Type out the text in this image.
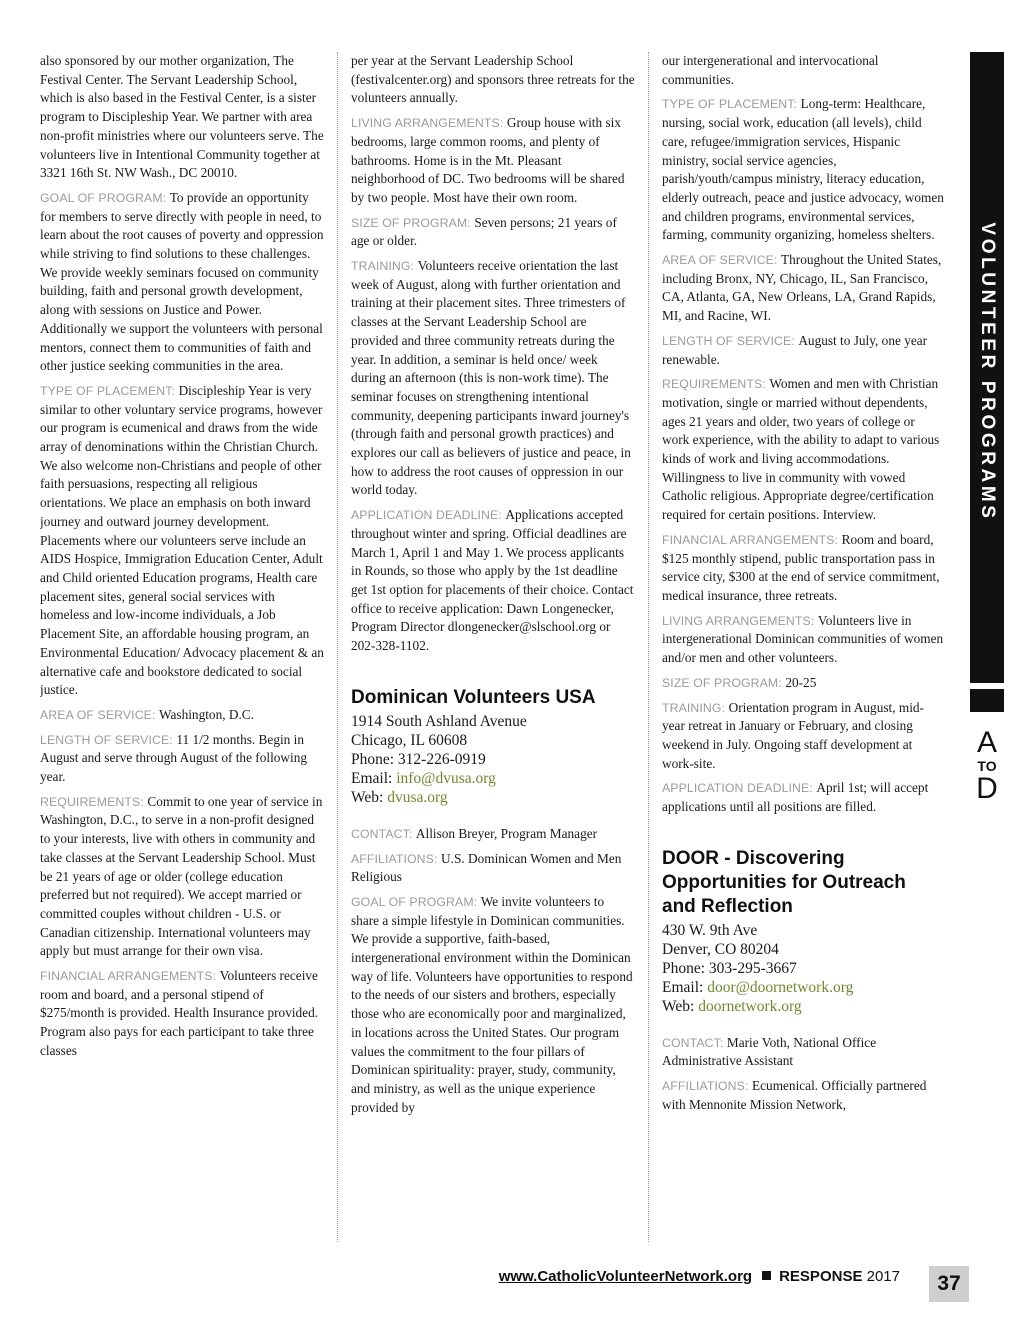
also sponsored by our mother organization, The Festival Center. The Servant Leadership School, which is also based in the Festival Center, is a sister program to Discipleship Year. We partner with area non-profit ministries where our volunteers serve. The volunteers live in Intentional Community together at 3321 16th St. NW Wash., DC 20010.

GOAL OF PROGRAM: To provide an opportunity for members to serve directly with people in need, to learn about the root causes of poverty and oppression while striving to find solutions to these challenges. We provide weekly seminars focused on community building, faith and personal growth development, along with sessions on Justice and Power. Additionally we support the volunteers with personal mentors, connect them to communities of faith and other justice seeking communities in the area.

TYPE OF PLACEMENT: Discipleship Year is very similar to other voluntary service programs, however our program is ecumenical and draws from the wide array of denominations within the Christian Church. We also welcome non-Christians and people of other faith persuasions, respecting all religious orientations. We place an emphasis on both inward journey and outward journey development. Placements where our volunteers serve include an AIDS Hospice, Immigration Education Center, Adult and Child oriented Education programs, Health care placement sites, general social services with homeless and low-income individuals, a Job Placement Site, an affordable housing program, an Environmental Education/ Advocacy placement & an alternative cafe and bookstore dedicated to social justice.

AREA OF SERVICE: Washington, D.C.

LENGTH OF SERVICE: 11 1/2 months. Begin in August and serve through August of the following year.

REQUIREMENTS: Commit to one year of service in Washington, D.C., to serve in a non-profit designed to your interests, live with others in community and take classes at the Servant Leadership School. Must be 21 years of age or older (college education preferred but not required). We accept married or committed couples without children - U.S. or Canadian citizenship. International volunteers may apply but must arrange for their own visa.

FINANCIAL ARRANGEMENTS: Volunteers receive room and board, and a personal stipend of $275/month is provided. Health Insurance provided. Program also pays for each participant to take three classes

per year at the Servant Leadership School (festivalcenter.org) and sponsors three retreats for the volunteers annually.

LIVING ARRANGEMENTS: Group house with six bedrooms, large common rooms, and plenty of bathrooms. Home is in the Mt. Pleasant neighborhood of DC. Two bedrooms will be shared by two people. Most have their own room.

SIZE OF PROGRAM: Seven persons; 21 years of age or older.

TRAINING: Volunteers receive orientation the last week of August, along with further orientation and training at their placement sites. Three trimesters of classes at the Servant Leadership School are provided and three community retreats during the year. In addition, a seminar is held once/ week during an afternoon (this is non-work time). The seminar focuses on strengthening intentional community, deepening participants inward journey's (through faith and personal growth practices) and explores our call as believers of justice and peace, in how to address the root causes of oppression in our world today.

APPLICATION DEADLINE: Applications accepted throughout winter and spring. Official deadlines are March 1, April 1 and May 1. We process applicants in Rounds, so those who apply by the 1st deadline get 1st option for placements of their choice. Contact office to receive application: Dawn Longenecker, Program Director dlongenecker@slschool.org or 202-328-1102.

Dominican Volunteers USA
1914 South Ashland Avenue
Chicago, IL 60608
Phone: 312-226-0919
Email: info@dvusa.org
Web: dvusa.org

CONTACT: Allison Breyer, Program Manager

AFFILIATIONS: U.S. Dominican Women and Men Religious

GOAL OF PROGRAM: We invite volunteers to share a simple lifestyle in Dominican communities. We provide a supportive, faith-based, intergenerational environment within the Dominican way of life. Volunteers have opportunities to respond to the needs of our sisters and brothers, especially those who are economically poor and marginalized, in locations across the United States. Our program values the commitment to the four pillars of Dominican spirituality: prayer, study, community, and ministry, as well as the unique experience provided by

our intergenerational and intervocational communities.

TYPE OF PLACEMENT: Long-term: Healthcare, nursing, social work, education (all levels), child care, refugee/immigration services, Hispanic ministry, social service agencies, parish/youth/campus ministry, literacy education, elderly outreach, peace and justice advocacy, women and children programs, environmental services, farming, community organizing, homeless shelters.

AREA OF SERVICE: Throughout the United States, including Bronx, NY, Chicago, IL, San Francisco, CA, Atlanta, GA, New Orleans, LA, Grand Rapids, MI, and Racine, WI.

LENGTH OF SERVICE: August to July, one year renewable.

REQUIREMENTS: Women and men with Christian motivation, single or married without dependents, ages 21 years and older, two years of college or work experience, with the ability to adapt to various kinds of work and living accommodations. Willingness to live in community with vowed Catholic religious. Appropriate degree/certification required for certain positions. Interview.

FINANCIAL ARRANGEMENTS: Room and board, $125 monthly stipend, public transportation pass in service city, $300 at the end of service commitment, medical insurance, three retreats.

LIVING ARRANGEMENTS: Volunteers live in intergenerational Dominican communities of women and/or men and other volunteers.

SIZE OF PROGRAM: 20-25

TRAINING: Orientation program in August, mid-year retreat in January or February, and closing weekend in July. Ongoing staff development at work-site.

APPLICATION DEADLINE: April 1st; will accept applications until all positions are filled.

DOOR - Discovering Opportunities for Outreach and Reflection
430 W. 9th Ave
Denver, CO 80204
Phone: 303-295-3667
Email: door@doornetwork.org
Web: doornetwork.org

CONTACT: Marie Voth, National Office Administrative Assistant

AFFILIATIONS: Ecumenical. Officially partnered with Mennonite Mission Network,

VOLUNTEER PROGRAMS
A
TO
D
www.CatholicVolunteerNetwork.org RESPONSE 2017	37
